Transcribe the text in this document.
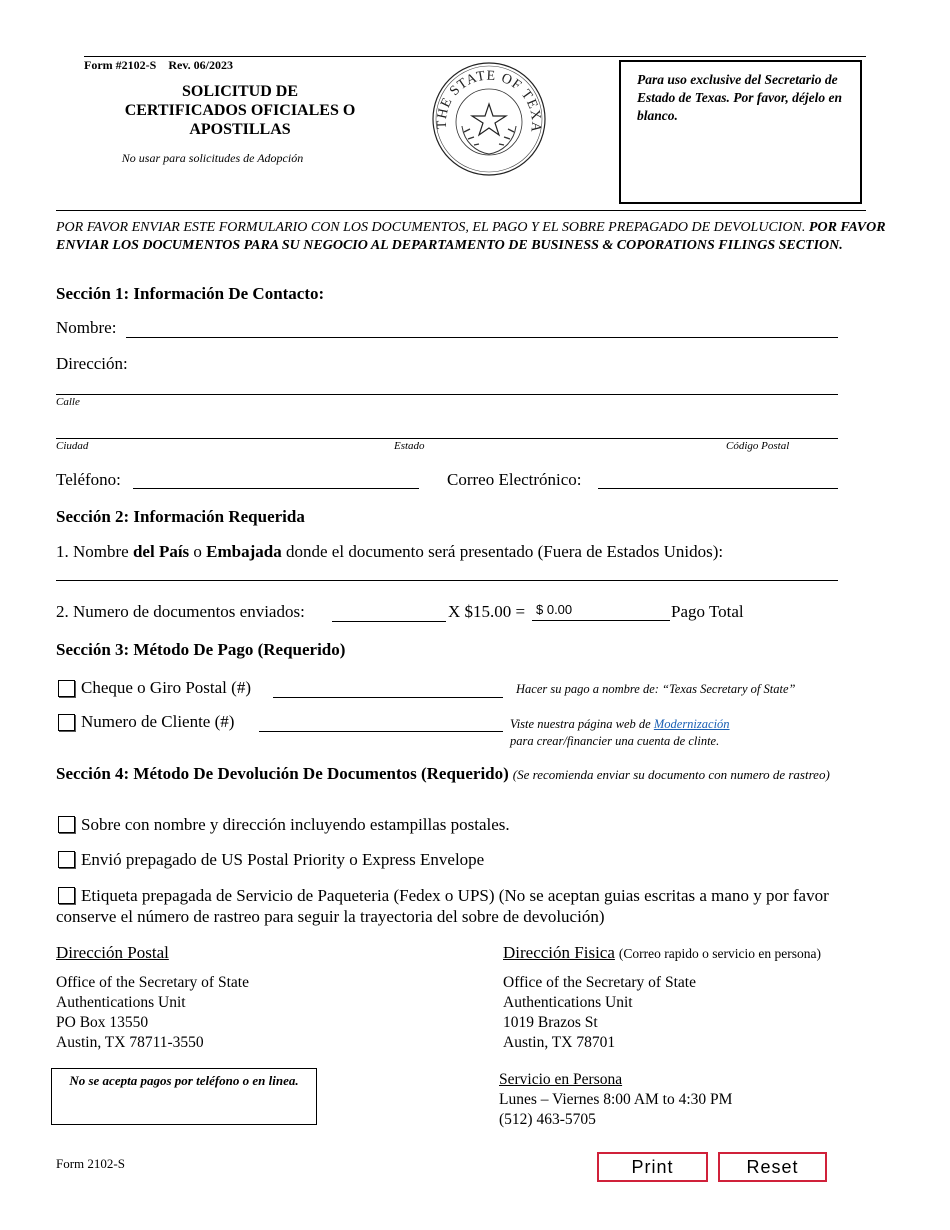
Form #2102-S Rev. 06/2023
SOLICITUD DE
CERTIFICADOS OFICIALES O
APOSTILLAS
No usar para solicitudes de Adopción
THE STATE OF TEXA
Para uso exclusive del Secretario de Estado de Texas. Por favor, déjelo en blanco.
POR FAVOR ENVIAR ESTE FORMULARIO CON LOS DOCUMENTOS, EL PAGO Y EL SOBRE PREPAGADO DE DEVOLUCION. POR FAVOR ENVIAR LOS DOCUMENTOS PARA SU NEGOCIO AL DEPARTAMENTO DE BUSINESS & COPORATIONS FILINGS SECTION.
Sección 1: Información De Contacto:
Nombre:
Dirección:
Calle
Ciudad	Estado	Código Postal
Teléfono:	Correo Electrónico:
Sección 2: Información Requerida
1. Nombre del País o Embajada donde el documento será presentado (Fuera de Estados Unidos):
2. Numero de documentos enviados:	X $15.00 = $ 0.00	Pago Total
Sección 3: Método De Pago (Requerido)
Cheque o Giro Postal (#)	Hacer su pago a nombre de: “Texas Secretary of State”
Numero de Cliente (#)	Viste nuestra página web de Modernización
para crear/financier una cuenta de clinte.
Sección 4: Método De Devolución De Documentos (Requerido) (Se recomienda enviar su documento con numero de rastreo)
Sobre con nombre y dirección incluyendo estampillas postales.
Envió prepagado de US Postal Priority o Express Envelope
Etiqueta prepagada de Servicio de Paqueteria (Fedex o UPS) (No se aceptan guias escritas a mano y por favor conserve el número de rastreo para seguir la trayectoria del sobre de devolución)
Dirección Postal
Office of the Secretary of State
Authentications Unit
PO Box 13550
Austin, TX 78711-3550
Dirección Fisica (Correo rapido o servicio en persona)
Office of the Secretary of State
Authentications Unit
1019 Brazos St
Austin, TX 78701
No se acepta pagos por teléfono o en linea.	Servicio en Persona
Lunes – Viernes 8:00 AM to 4:30 PM
(512) 463-5705
Form 2102-S	Print	Reset
